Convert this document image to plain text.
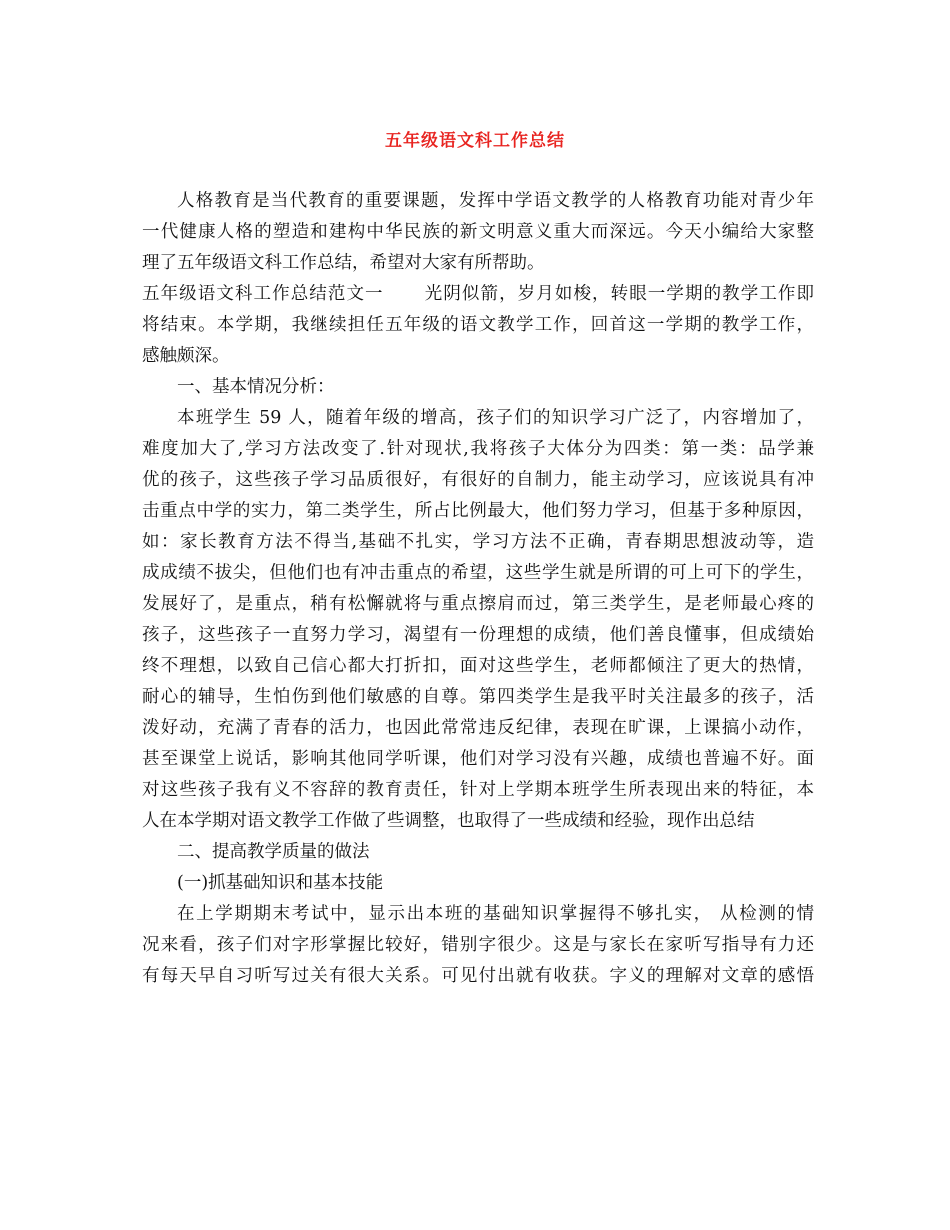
五年级语文科工作总结
人格教育是当代教育的重要课题，发挥中学语文教学的人格教育功能对青少年
一代健康人格的塑造和建构中华民族的新文明意义重大而深远。今天小编给大家整
理了五年级语文科工作总结，希望对大家有所帮助。
五年级语文科工作总结范文一 光阴似箭，岁月如梭，转眼一学期的教学工作即
将结束。本学期，我继续担任五年级的语文教学工作，回首这一学期的教学工作，
感触颇深。
一、基本情况分析：
本班学生 59 人，随着年级的增高，孩子们的知识学习广泛了，内容增加了，
难度加大了,学习方法改变了.针对现状,我将孩子大体分为四类：第一类：品学兼
优的孩子，这些孩子学习品质很好，有很好的自制力，能主动学习，应该说具有冲
击重点中学的实力，第二类学生，所占比例最大，他们努力学习，但基于多种原因，
如：家长教育方法不得当,基础不扎实，学习方法不正确，青春期思想波动等，造
成成绩不拔尖，但他们也有冲击重点的希望，这些学生就是所谓的可上可下的学生，
发展好了，是重点，稍有松懈就将与重点擦肩而过，第三类学生，是老师最心疼的
孩子，这些孩子一直努力学习，渴望有一份理想的成绩，他们善良懂事，但成绩始
终不理想，以致自己信心都大打折扣，面对这些学生，老师都倾注了更大的热情，
耐心的辅导，生怕伤到他们敏感的自尊。第四类学生是我平时关注最多的孩子，活
泼好动，充满了青春的活力，也因此常常违反纪律，表现在旷课，上课搞小动作，
甚至课堂上说话，影响其他同学听课，他们对学习没有兴趣，成绩也普遍不好。面
对这些孩子我有义不容辞的教育责任，针对上学期本班学生所表现出来的特征，本
人在本学期对语文教学工作做了些调整，也取得了一些成绩和经验，现作出总结
二、提高教学质量的做法
(一)抓基础知识和基本技能
在上学期期末考试中，显示出本班的基础知识掌握得不够扎实， 从检测的情
况来看，孩子们对字形掌握比较好，错别字很少。这是与家长在家听写指导有力还
有每天早自习听写过关有很大关系。可见付出就有收获。字义的理解对文章的感悟
